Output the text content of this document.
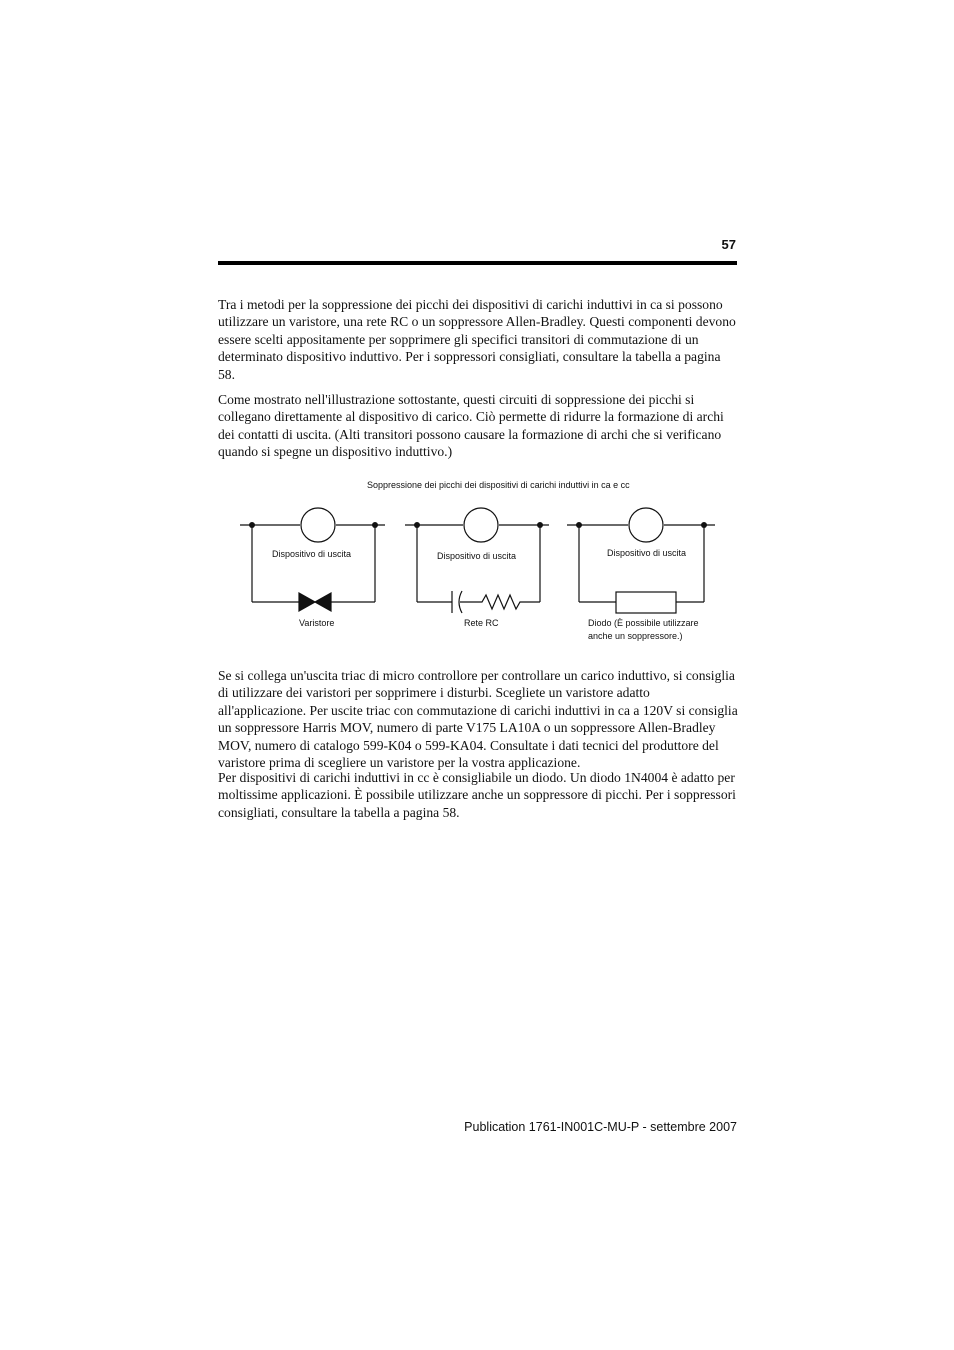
57

Tra i metodi per la soppressione dei picchi dei dispositivi di carichi induttivi in ca si possono utilizzare un varistore, una rete RC o un soppressore Allen-Bradley. Questi componenti devono essere scelti appositamente per sopprimere gli specifici transitori di commutazione di un determinato dispositivo induttivo. Per i soppressori consigliati, consultare la tabella a pagina 58.

Come mostrato nell'illustrazione sottostante, questi circuiti di soppressione dei picchi si collegano direttamente al dispositivo di carico. Ciò permette di ridurre la formazione di archi dei contatti di uscita. (Alti transitori possono causare la formazione di archi che si verificano quando si spegne un dispositivo induttivo.)

Soppressione dei picchi dei dispositivi di carichi induttivi in ca e cc
Dispositivo di uscita	Dispositivo di uscita	Dispositivo di uscita
Varistore	Rete RC	Diodo (È possibile utilizzare
anche un soppressore.)

Se si collega un'uscita triac di micro controllore per controllare un carico induttivo, si consiglia di utilizzare dei varistori per sopprimere i disturbi. Scegliete un varistore adatto all'applicazione. Per uscite triac con commutazione di carichi induttivi in ca a 120V si consiglia un soppressore Harris MOV, numero di parte V175 LA10A o un soppressore Allen-Bradley MOV, numero di catalogo 599-K04 o 599-KA04. Consultate i dati tecnici del produttore del varistore prima di scegliere un varistore per la vostra applicazione.

Per dispositivi di carichi induttivi in cc è consigliabile un diodo. Un diodo 1N4004 è adatto per moltissime applicazioni. È possibile utilizzare anche un soppressore di picchi. Per i soppressori consigliati, consultare la tabella a pagina 58.

Publication 1761-IN001C-MU-P - settembre 2007
